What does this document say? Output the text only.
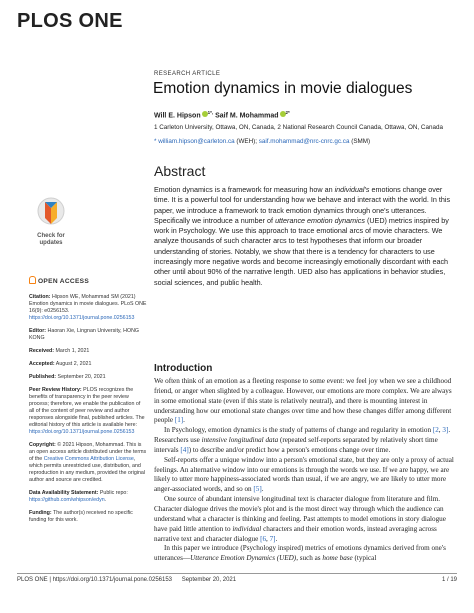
PLOS ONE
RESEARCH ARTICLE
Emotion dynamics in movie dialogues
Will E. Hipson $^{1*,}$ Saif M. Mohammad $^{2*}$
1 Carleton University, Ottawa, ON, Canada, 2 National Research Council Canada, Ottawa, ON, Canada
* william.hipson@carleton.ca (WEH); saif.mohammad@nrc-cnrc.gc.ca (SMM)
Check for
updates
OPEN ACCESS
Citation: Hipson WE, Mohammad SM (2021) Emotion dynamics in movie dialogues. PLoS ONE 16(9): e0256153. https://doi.org/10.1371/journal.pone.0256153
Editor: Haoran Xie, Lingnan University, HONG KONG
Received: March 1, 2021
Accepted: August 2, 2021
Published: September 20, 2021
Peer Review History: PLOS recognizes the benefits of transparency in the peer review process; therefore, we enable the publication of all of the content of peer review and author responses alongside final, published articles. The editorial history of this article is available here: https://doi.org/10.1371/journal.pone.0256153
Copyright: © 2021 Hipson, Mohammad. This is an open access article distributed under the terms of the Creative Commons Attribution License, which permits unrestricted use, distribution, and reproduction in any medium, provided the original author and source are credited.
Data Availability Statement: Public repo: https://github.com/whipson/edyn.
Funding: The author(s) received no specific funding for this work.
Abstract

Emotion dynamics is a framework for measuring how an individual's emotions change over time. It is a powerful tool for understanding how we behave and interact with the world. In this paper, we introduce a framework to track emotion dynamics through one's utterances. Specifically we introduce a number of utterance emotion dynamics (UED) metrics inspired by work in Psychology. We use this approach to trace emotional arcs of movie characters. We analyze thousands of such character arcs to test hypotheses that inform our broader understanding of stories. Notably, we show that there is a tendency for characters to use increasingly more negative words and become increasingly emotionally discordant with each other until about 90% of the narrative length. UED also has applications in behavior studies, social sciences, and public health.

Introduction

We often think of an emotion as a fleeting response to some event: we feel joy when we see a childhood friend, or anger when slighted by a colleague. However, our emotions are more complex. We are always in some emotional state (even if this state is relatively neutral), and there is mounting interest in understanding how our emotional state changes over time and how these changes differ among different people [1].

In Psychology, emotion dynamics is the study of patterns of change and regularity in emotion [2, 3]. Researchers use intensive longitudinal data (repeated self-reports separated by relatively short time intervals [4]) to describe and/or predict how a person's emotions change over time.

Self-reports offer a unique window into a person's emotional state, but they are only a proxy of actual feelings. An alternative window into our emotions is through the words we use. If we are happy, we are likely to utter more happiness-associated words than usual, if we are angry, we are likely to utter more anger-associated words, and so on [5].

One source of abundant intensive longitudinal text is character dialogue from literature and film. Character dialogue drives the movie's plot and is the most direct way through which the audience can understand what a character is thinking and feeling. Past attempts to model emotions in story dialogue have paid little attention to individual characters and their emotion words, instead averaging across narrative text and character dialogue [6, 7].

In this paper we introduce (Psychology inspired) metrics of emotions dynamics derived from one's utterances—Utterance Emotion Dynamics (UED), such as home base (typical

PLOS ONE | https://doi.org/10.1371/journal.pone.0256153 September 20, 2021	1 / 19
